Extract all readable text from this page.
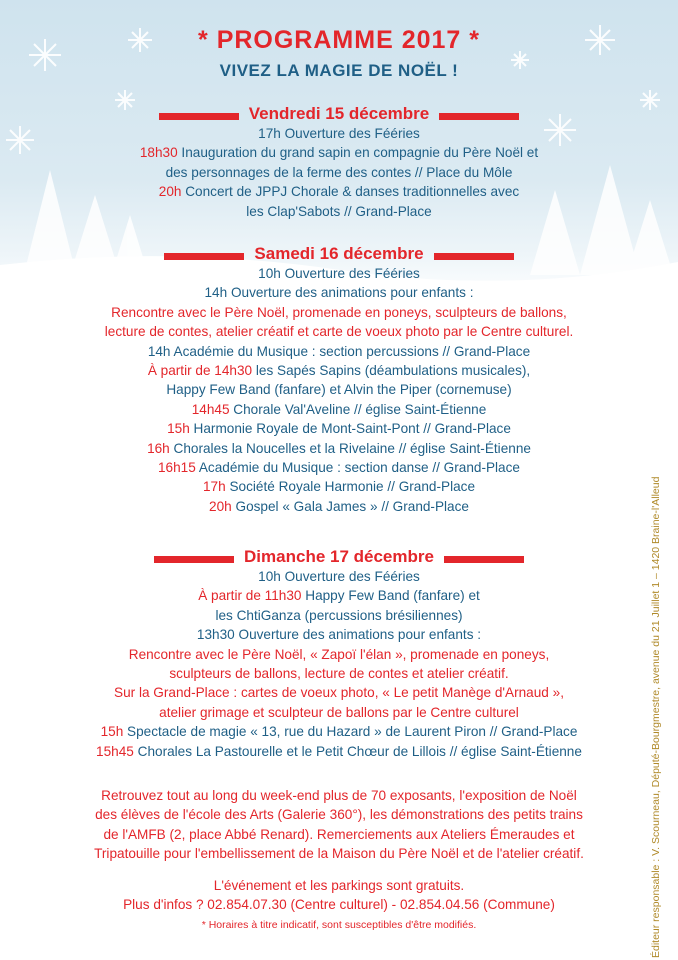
* PROGRAMME 2017 *
VIVEZ LA MAGIE DE NOËL !
Vendredi 15 décembre
17h Ouverture des Fééries
18h30 Inauguration du grand sapin en compagnie du Père Noël et
des personnages de la ferme des contes // Place du Môle
20h Concert de JPPJ Chorale & danses traditionnelles avec
les Clap'Sabots // Grand-Place
Samedi 16 décembre
10h Ouverture des Fééries
14h Ouverture des animations pour enfants :
Rencontre avec le Père Noël, promenade en poneys, sculpteurs de ballons,
lecture de contes, atelier créatif et carte de voeux photo par le Centre culturel.
14h Académie du Musique : section percussions // Grand-Place
À partir de 14h30 les Sapés Sapins (déambulations musicales),
Happy Few Band (fanfare) et Alvin the Piper (cornemuse)
14h45 Chorale Val'Aveline // église Saint-Étienne
15h Harmonie Royale de Mont-Saint-Pont // Grand-Place
16h Chorales la Noucelles et la Rivelaine // église Saint-Étienne
16h15 Académie du Musique : section danse // Grand-Place
17h Société Royale Harmonie // Grand-Place
20h Gospel « Gala James » // Grand-Place
Dimanche 17 décembre
10h Ouverture des Fééries
À partir de 11h30 Happy Few Band (fanfare) et
les ChtiGanza (percussions brésiliennes)
13h30 Ouverture des animations pour enfants :
Rencontre avec le Père Noël, « Zapoï l'élan », promenade en poneys,
sculpteurs de ballons, lecture de contes et atelier créatif.
Sur la Grand-Place : cartes de voeux photo, « Le petit Manège d'Arnaud »,
atelier grimage et sculpteur de ballons par le Centre culturel
15h Spectacle de magie « 13, rue du Hazard » de Laurent Piron // Grand-Place
15h45 Chorales La Pastourelle et le Petit Chœur de Lillois // église Saint-Étienne
Retrouvez tout au long du week-end plus de 70 exposants, l'exposition de Noël
des élèves de l'école des Arts (Galerie 360°), les démonstrations des petits trains
de l'AMFB (2, place Abbé Renard). Remerciements aux Ateliers Émeraudes et
Tripatouille pour l'embellissement de la Maison du Père Noël et de l'atelier créatif.
L'événement et les parkings sont gratuits.
Plus d'infos ? 02.854.07.30 (Centre culturel) - 02.854.04.56 (Commune)
* Horaires à titre indicatif, sont susceptibles d'être modifiés.	Éditeur responsable : V. Scourneau, Député-Bourgmestre, avenue du 21 Juillet 1 – 1420 Braine-l'Alleud
